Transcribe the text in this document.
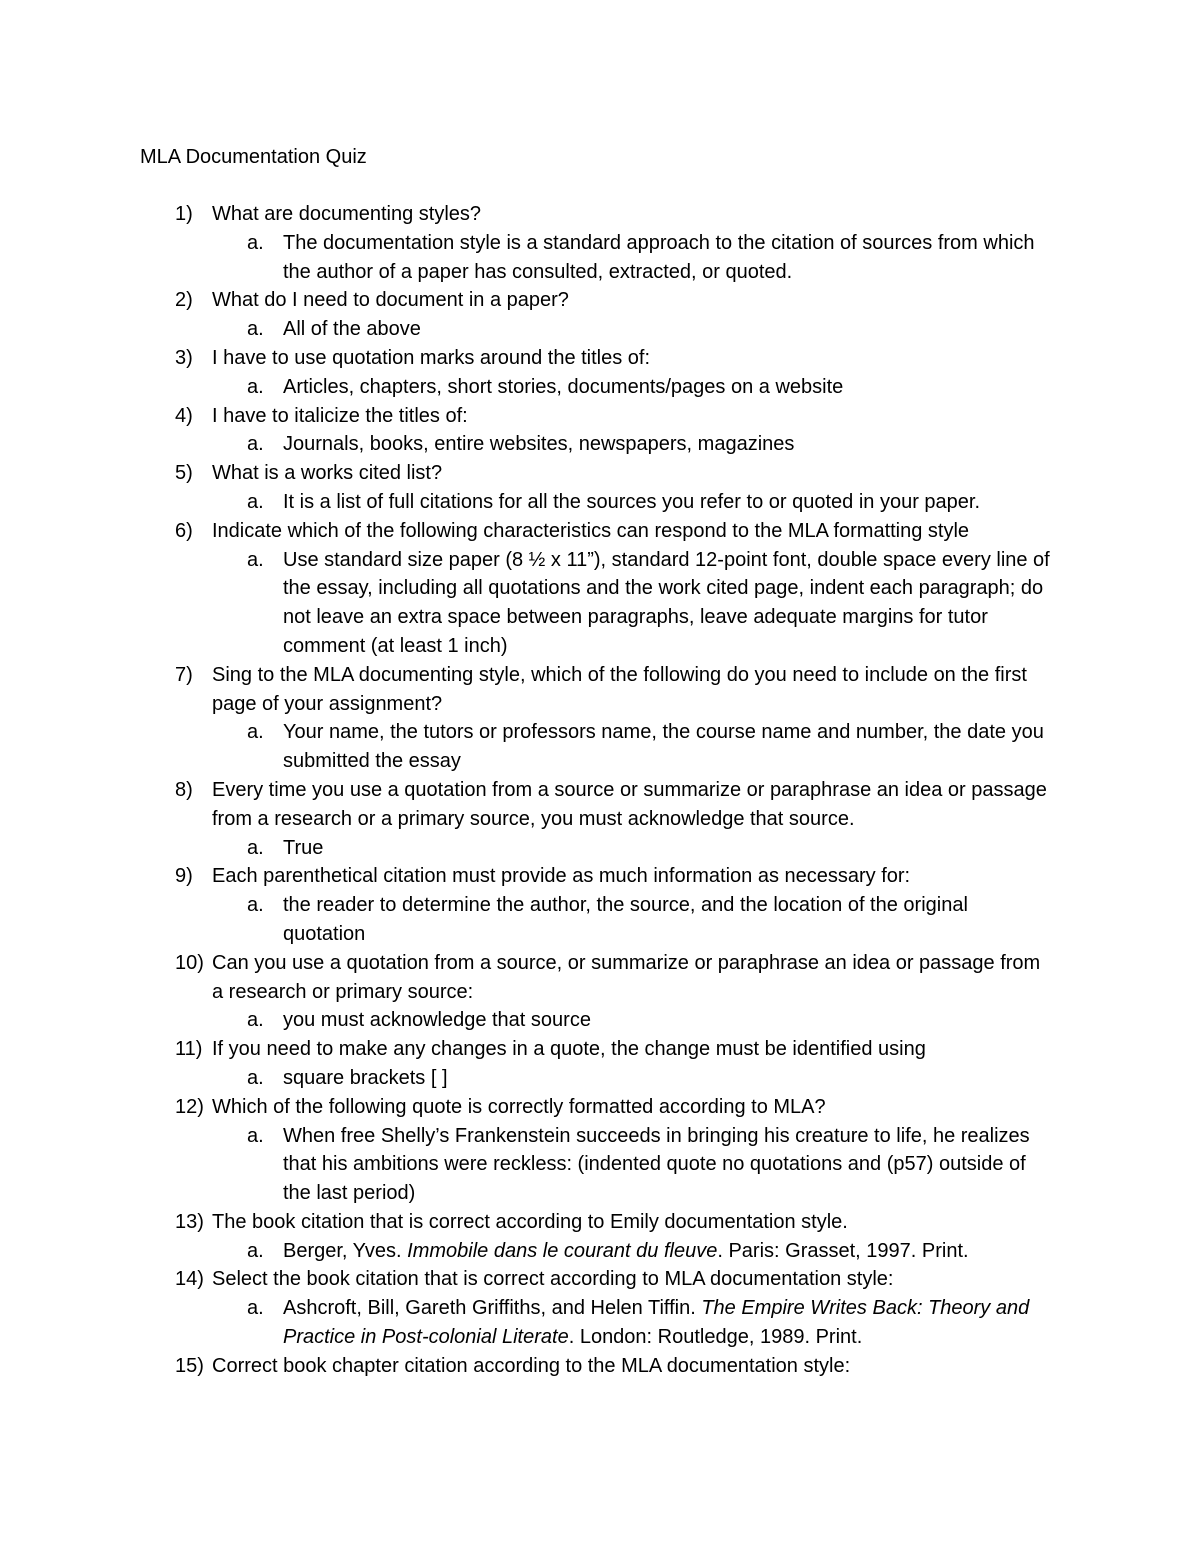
MLA Documentation Quiz
1) What are documenting styles?
a. The documentation style is a standard approach to the citation of sources from which the author of a paper has consulted, extracted, or quoted.
2) What do I need to document in a paper?
a. All of the above
3) I have to use quotation marks around the titles of:
a. Articles, chapters, short stories, documents/pages on a website
4) I have to italicize the titles of:
a. Journals, books, entire websites, newspapers, magazines
5) What is a works cited list?
a. It is a list of full citations for all the sources you refer to or quoted in your paper.
6) Indicate which of the following characteristics can respond to the MLA formatting style
a. Use standard size paper (8 ½ x 11”), standard 12-point font, double space every line of the essay, including all quotations and the work cited page, indent each paragraph; do not leave an extra space between paragraphs, leave adequate margins for tutor comment (at least 1 inch)
7) Sing to the MLA documenting style, which of the following do you need to include on the first page of your assignment?
a. Your name, the tutors or professors name, the course name and number, the date you submitted the essay
8) Every time you use a quotation from a source or summarize or paraphrase an idea or passage from a research or a primary source, you must acknowledge that source.
a. True
9) Each parenthetical citation must provide as much information as necessary for:
a. the reader to determine the author, the source, and the location of the original quotation
10) Can you use a quotation from a source, or summarize or paraphrase an idea or passage from a research or primary source:
a. you must acknowledge that source
11) If you need to make any changes in a quote, the change must be identified using
a. square brackets [ ]
12) Which of the following quote is correctly formatted according to MLA?
a. When free Shelly’s Frankenstein succeeds in bringing his creature to life, he realizes that his ambitions were reckless: (indented quote no quotations and (p57) outside of the last period)
13) The book citation that is correct according to Emily documentation style.
a. Berger, Yves. Immobile dans le courant du fleuve. Paris: Grasset, 1997. Print.
14) Select the book citation that is correct according to MLA documentation style:
a. Ashcroft, Bill, Gareth Griffiths, and Helen Tiffin. The Empire Writes Back: Theory and Practice in Post-colonial Literate. London: Routledge, 1989. Print.
15) Correct book chapter citation according to the MLA documentation style:
